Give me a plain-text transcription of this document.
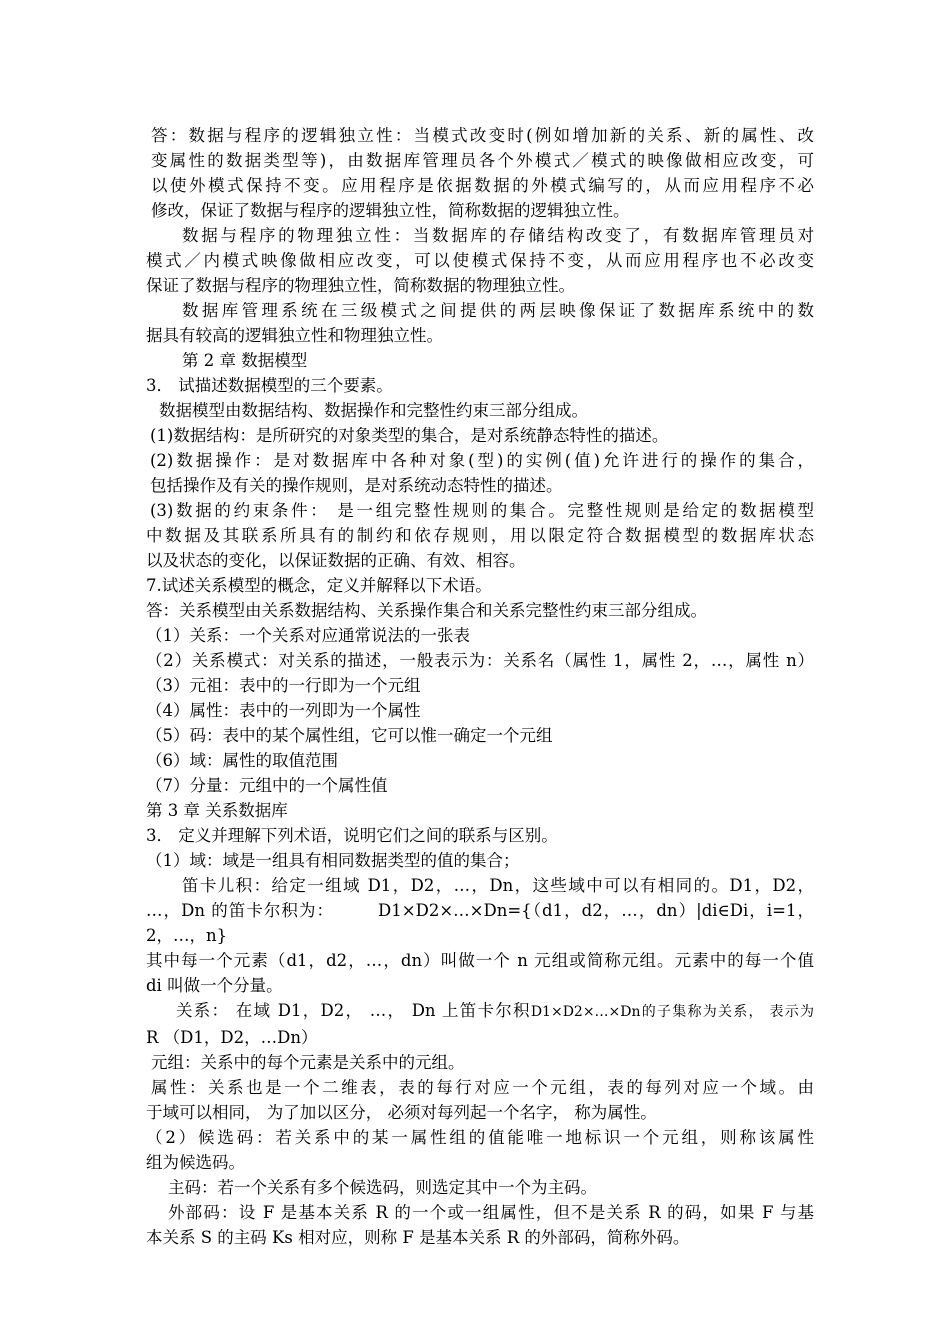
答：数据与程序的逻辑独立性：当模式改变时(例如增加新的关系、新的属性、改
变属性的数据类型等)，由数据库管理员各个外模式／模式的映像做相应改变，可
以使外模式保持不变。应用程序是依据数据的外模式编写的，从而应用程序不必
修改，保证了数据与程序的逻辑独立性，简称数据的逻辑独立性。
数据与程序的物理独立性：当数据库的存储结构改变了，有数据库管理员对
模式／内模式映像做相应改变，可以使模式保持不变，从而应用程序也不必改变
保证了数据与程序的物理独立性，简称数据的物理独立性。
数据库管理系统在三级模式之间提供的两层映像保证了数据库系统中的数
据具有较高的逻辑独立性和物理独立性。
第 2 章 数据模型
3． 试描述数据模型的三个要素。
数据模型由数据结构、数据操作和完整性约束三部分组成。
(1)数据结构：是所研究的对象类型的集合，是对系统静态特性的描述。
(2)数据操作：是对数据库中各种对象(型)的实例(值)允许进行的操作的集合，
包括操作及有关的操作规则，是对系统动态特性的描述。
(3)数据的约束条件： 是一组完整性规则的集合。完整性规则是给定的数据模型
中数据及其联系所具有的制约和依存规则，用以限定符合数据模型的数据库状态
以及状态的变化，以保证数据的正确、有效、相容。
7.试述关系模型的概念，定义并解释以下术语。
答：关系模型由关系数据结构、关系操作集合和关系完整性约束三部分组成。
（1）关系：一个关系对应通常说法的一张表
（2）关系模式：对关系的描述，一般表示为：关系名（属性 1，属性 2，…，属性 n）
（3）元祖：表中的一行即为一个元组
（4）属性：表中的一列即为一个属性
（5）码：表中的某个属性组，它可以惟一确定一个元组
（6）域：属性的取值范围
（7）分量：元组中的一个属性值
第 3 章 关系数据库
3． 定义并理解下列术语，说明它们之间的联系与区别。
（1）域：域是一组具有相同数据类型的值的集合；
笛卡儿积：给定一组域 D1，D2，…，Dn，这些域中可以有相同的。D1，D2，
…，Dn 的笛卡尔积为：	D1×D2×…×Dn={（d1，d2，…，dn）|di∈Di，i=1，2，…，n}
其中每一个元素（d1，d2，…，dn）叫做一个 n 元组或简称元组。元素中的每一个值
di 叫做一个分量。
关系： 在域 D1，D2， …， Dn 上笛卡尔积D1×D2×…×Dn的子集称为关系， 表示为
R （D1，D2，…Dn）
元组：关系中的每个元素是关系中的元组。
属性：关系也是一个二维表，表的每行对应一个元组，表的每列对应一个域。由
于域可以相同， 为了加以区分， 必须对每列起一个名字， 称为属性。
（2）候选码：若关系中的某一属性组的值能唯一地标识一个元组，则称该属性
组为候选码。
主码：若一个关系有多个候选码，则选定其中一个为主码。
外部码：设 F 是基本关系 R 的一个或一组属性，但不是关系 R 的码，如果 F 与基
本关系 S 的主码 Ks 相对应，则称 F 是基本关系 R 的外部码，简称外码。
